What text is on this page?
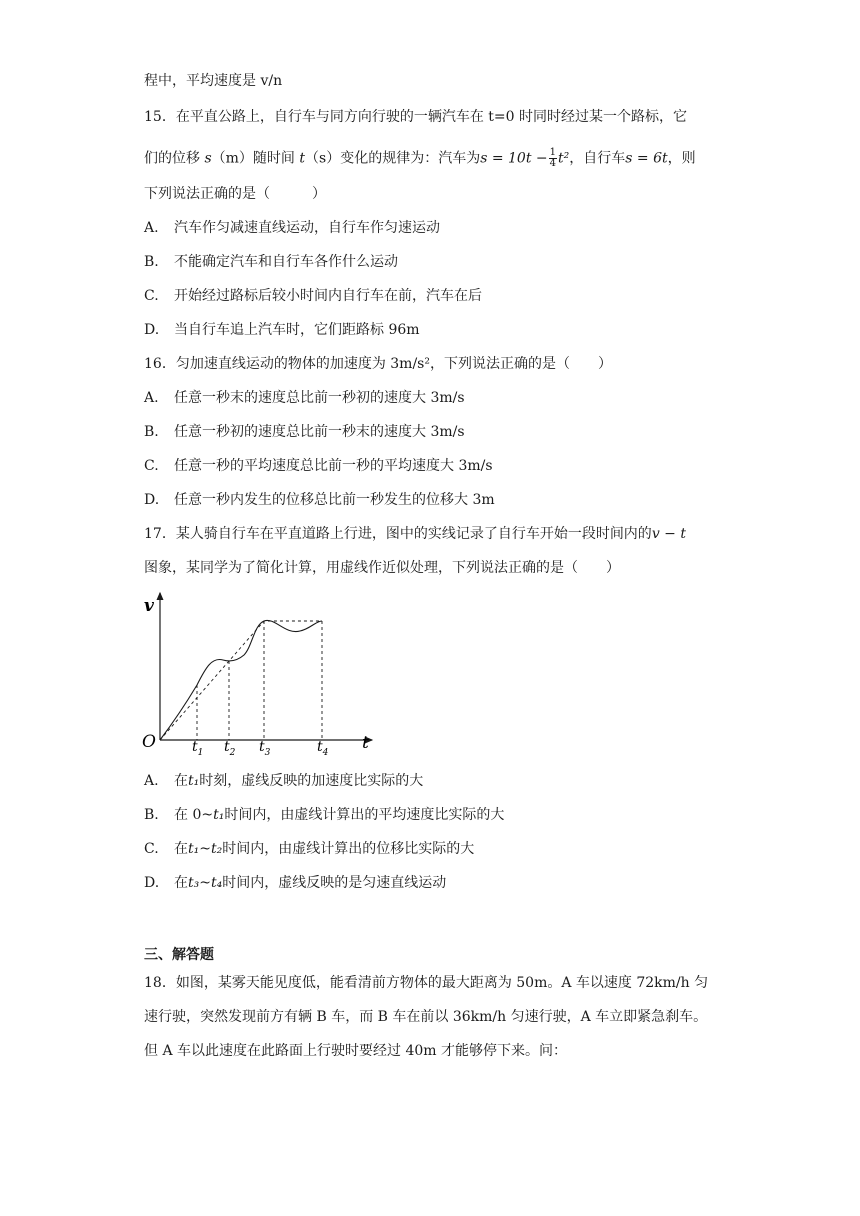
程中，平均速度是 v/n
15．在平直公路上，自行车与同方向行驶的一辆汽车在 t=0 时同时经过某一个路标，它
们的位移 s（m）随时间 t（s）变化的规律为：汽车为$s = 10t - \frac{1}{4} t^2$，自行车s = 6t，则
下列说法正确的是（　　　）
A. 汽车作匀减速直线运动，自行车作匀速运动
B. 不能确定汽车和自行车各作什么运动
C. 开始经过路标后较小时间内自行车在前，汽车在后
D. 当自行车追上汽车时，它们距路标 96m
16．匀加速直线运动的物体的加速度为 3m/s²，下列说法正确的是（　　）
A. 任意一秒末的速度总比前一秒初的速度大 3m/s
B. 任意一秒初的速度总比前一秒末的速度大 3m/s
C. 任意一秒的平均速度总比前一秒的平均速度大 3m/s
D. 任意一秒内发生的位移总比前一秒发生的位移大 3m
17．某人骑自行车在平直道路上行进，图中的实线记录了自行车开始一段时间内的v − t
图象，某同学为了简化计算，用虚线作近似处理，下列说法正确的是（　　）
v
t
O	$t_1$ $t_2$ $t_3$	$t_4$
A. 在t₁时刻，虚线反映的加速度比实际的大
B. 在 0~t₁时间内，由虚线计算出的平均速度比实际的大
C. 在t₁~t₂时间内，由虚线计算出的位移比实际的大
D. 在t₃~t₄时间内，虚线反映的是匀速直线运动
三、解答题
18．如图，某雾天能见度低，能看清前方物体的最大距离为 50m。A 车以速度 72km/h 匀
速行驶，突然发现前方有辆 B 车，而 B 车在前以 36km/h 匀速行驶，A 车立即紧急刹车。
但 A 车以此速度在此路面上行驶时要经过 40m 才能够停下来。问：
